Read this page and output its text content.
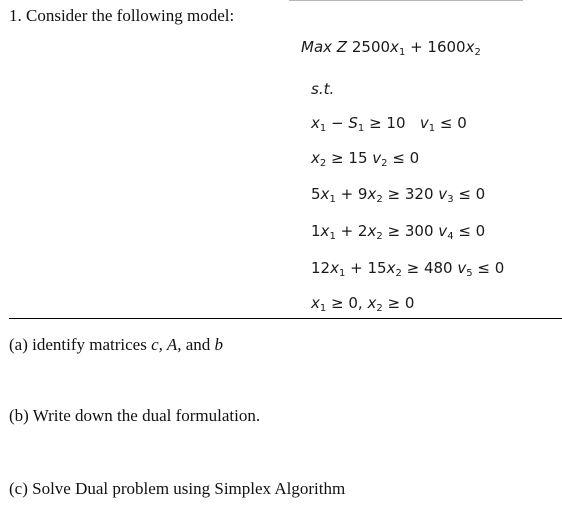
1. Consider the following model:
Max Z $2500x_1 + 1600x_2$
s.t.
$x_1 - S_1 \ge 10$ $v_1 \le 0$
$x_2 \ge 15$ $v_2 \le 0$
$5x_1 + 9x_2 \ge 320$ $v_3 \le 0$
$1x_1 + 2x_2 \ge 300$ $v_4 \le 0$
$12x_1 + 15x_2 \ge 480$ $v_5 \le 0$
$x_1 \ge 0$, $x_2 \ge 0$
(a) identify matrices c, A, and b
(b) Write down the dual formulation.
(c) Solve Dual problem using Simplex Algorithm
